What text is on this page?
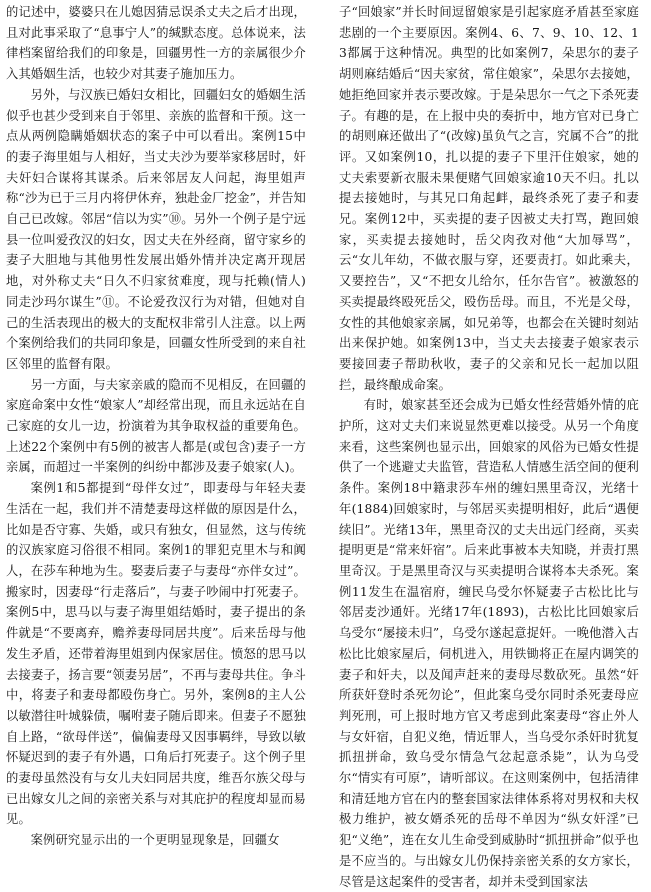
的记述中，婆婆只在儿媳因猜忌误杀丈夫之后才出现，且对此事采取了“息事宁人”的缄默态度。总体说来，法律档案留给我们的印象是，回疆男性一方的亲属很少介入其婚姻生活，也较少对其妻子施加压力。

另外，与汉族已婚妇女相比，回疆妇女的婚姻生活似乎也甚少受到来自于邻里、亲族的监督和干预。这一点从两例隐瞒婚姻状态的案子中可以看出。案例15中的妻子海里姐与人相好，当丈夫沙为要举家移居时，奸夫奸妇合谋将其谋杀。后来邻居友人问起，海里姐声称“沙为已于三月内将伊休弃，独赴金厂挖金”，并告知自己已改嫁。邻居“信以为实”⑩。另外一个例子是宁远县一位叫爱孜汉的妇女，因丈夫在外经商，留守家乡的妻子大胆地与其他男性发展出婚外情并决定离开现居地，对外称丈夫“日久不归家贫难度，现与托赖(情人)同走沙玛尔谋生”⑪。不论爱孜汉行为对错，但她对自己的生活表现出的极大的支配权非常引人注意。以上两个案例给我们的共同印象是，回疆女性所受到的来自社区邻里的监督有限。

另一方面，与夫家亲戚的隐而不见相反，在回疆的家庭命案中女性“娘家人”却经常出现，而且永远站在自己家庭的女儿一边，扮演着为其争取权益的重要角色。上述22个案例中有5例的被害人都是(或包含)妻子一方亲属，而超过一半案例的纠纷中都涉及妻子娘家(人)。

案例1和5都提到“母伴女过”，即妻母与年轻夫妻生活在一起，我们并不清楚妻母这样做的原因是什么，比如是否守寡、失婚，或只有独女，但显然，这与传统的汉族家庭习俗很不相同。案例1的罪犯克里木与和阗人，在莎车种地为生。娶妻后妻子与妻母“亦伴女过”。搬家时，因妻母“行走落后”，与妻子吵闹中打死妻子。案例5中，思马以与妻子海里姐结婚时，妻子提出的条件就是“不要离弃，赡养妻母同居共度”。后来岳母与他发生矛盾，还带着海里姐到内保家居住。愤怒的思马以去接妻子，扬言要“领妻另居”，不再与妻母共住。争斗中，将妻子和妻母都殴伤身亡。另外，案例8的主人公以敏潜往叶城躲债，嘱咐妻子随后即来。但妻子不愿独自上路，“欲母伴送”，偏偏妻母又因事羁绊，导致以敏怀疑迟到的妻子有外遇，口角后打死妻子。这个例子里的妻母虽然没有与女儿夫妇同居共度，维吾尔族父母与已出嫁女儿之间的亲密关系与对其庇护的程度却显而易见。

案例研究显示出的一个更明显现象是，回疆女

子“回娘家”并长时间逗留娘家是引起家庭矛盾甚至家庭悲剧的一个主要原因。案例4、6、7、9、10、12、13都属于这种情况。典型的比如案例7，朵思尔的妻子胡则麻结婚后“因夫家贫，常住娘家”，朵思尔去接她，她拒绝回家并表示要改嫁。于是朵思尔一气之下杀死妻子。有趣的是，在上报中央的奏折中，地方官对已身亡的胡则麻还做出了“(改嫁)虽负气之言，究属不合”的批评。又如案例10，扎以提的妻子下里汗住娘家，她的丈夫索要新衣服未果便赌气回娘家逾10天不归。扎以提去接她时，与其兄口角起衅，最终杀死了妻子和妻兄。案例12中，买卖提的妻子因被丈夫打骂，跑回娘家，买卖提去接她时，岳父肉孜对他“大加辱骂”，云“女儿年幼，不做衣服与穿，还要责打。如此乘夫，又要控告”，又“不把女儿给尔，任尔告官”。被激怒的买卖提最终殴死岳父，殴伤岳母。而且，不光是父母，女性的其他娘家亲属，如兄弟等，也都会在关键时刻站出来保护她。如案例13中，当丈夫去接妻子娘家表示要接回妻子帮助秋收，妻子的父亲和兄长一起加以阻拦，最终酿成命案。

有时，娘家甚至还会成为已婚女性经营婚外情的庇护所，这对丈夫们来说显然更难以接受。从另一个角度来看，这些案例也显示出，回娘家的风俗为已婚女性提供了一个逃避丈夫监管，营造私人情感生活空间的便利条件。案例18中籍隶莎车州的缠妇黑里奇汉，光绪十年(1884)回娘家时，与邻居买卖提明相好，此后“遇便续旧”。光绪13年，黑里奇汉的丈夫出远门经商，买卖提明更是“常来奸宿”。后来此事被本夫知晓，并责打黑里奇汉。于是黑里奇汉与买卖提明合谋将本夫杀死。案例11发生在温宿府，缠民乌受尔怀疑妻子古松比比与邻居麦沙通奸。光绪17年(1893)，古松比比回娘家后乌受尔“屡接未归”，乌受尔遂起意捉奸。一晚他潜入古松比比娘家屋后，伺机进入，用铁锄将正在屋内调笑的妻子和奸夫，以及闻声赶来的妻母尽数砍死。虽然“奸所获奸登时杀死勿论”，但此案乌受尔同时杀死妻母应判死刑，可上报时地方官又考虑到此案妻母“容止外人与女奸宿，自犯义绝，情近罪人，当乌受尔杀奸时犹复抓扭拼命，致乌受尔情急气忿起意杀毙”，认为乌受尔“情实有可原”，请听部议。在这则案例中，包括清律和清廷地方官在内的整套国家法律体系将对男权和夫权极力维护，被女婿杀死的岳母不单因为“纵女奸淫”已犯“义绝”，连在女儿生命受到威胁时“抓扭拼命”似乎也是不应当的。与出嫁女儿仍保持亲密关系的女方家长，尽管是这起案件的受害者，却并未受到国家法
